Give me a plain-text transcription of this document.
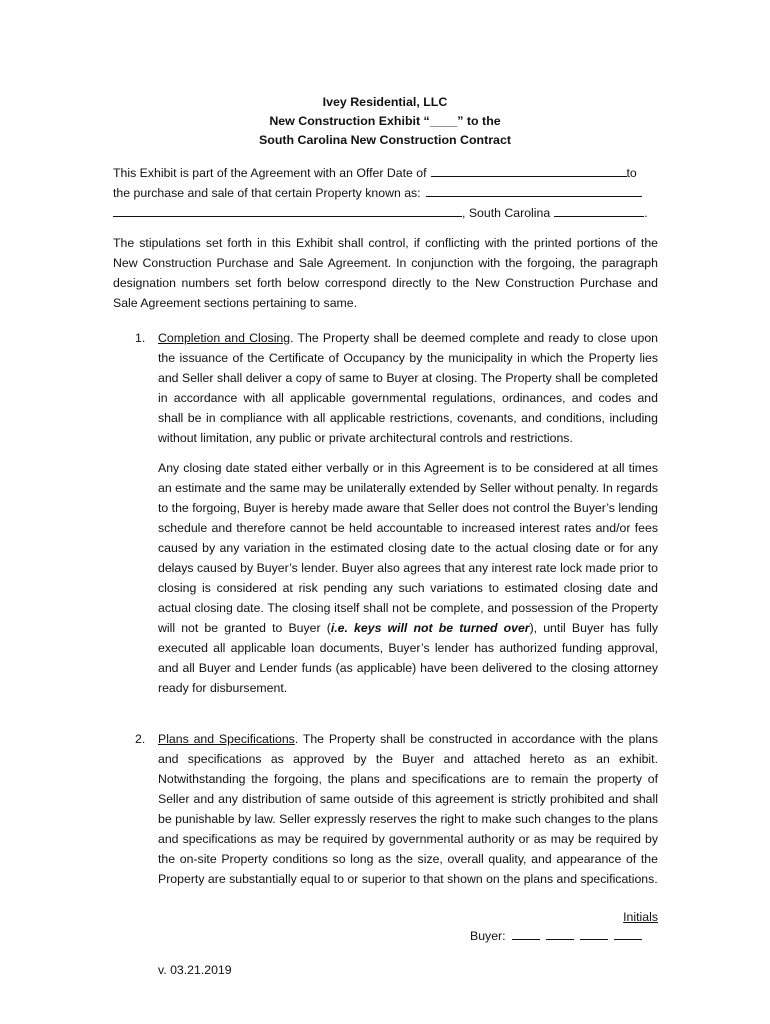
Ivey Residential, LLC
New Construction Exhibit “____” to the
South Carolina New Construction Contract
This Exhibit is part of the Agreement with an Offer Date of	to
the purchase and sale of that certain Property known as:
, South Carolina	.

The stipulations set forth in this Exhibit shall control, if conflicting with the printed portions of the New Construction Purchase and Sale Agreement. In conjunction with the forgoing, the paragraph designation numbers set forth below correspond directly to the New Construction Purchase and Sale Agreement sections pertaining to same.

1.	Completion and Closing. The Property shall be deemed complete and ready to close upon the issuance of the Certificate of Occupancy by the municipality in which the Property lies and Seller shall deliver a copy of same to Buyer at closing. The Property shall be completed in accordance with all applicable governmental regulations, ordinances, and codes and shall be in compliance with all applicable restrictions, covenants, and conditions, including without limitation, any public or private architectural controls and restrictions.

Any closing date stated either verbally or in this Agreement is to be considered at all times an estimate and the same may be unilaterally extended by Seller without penalty. In regards to the forgoing, Buyer is hereby made aware that Seller does not control the Buyer’s lending schedule and therefore cannot be held accountable to increased interest rates and/or fees caused by any variation in the estimated closing date to the actual closing date or for any delays caused by Buyer’s lender. Buyer also agrees that any interest rate lock made prior to closing is considered at risk pending any such variations to estimated closing date and actual closing date. The closing itself shall not be complete, and possession of the Property will not be granted to Buyer (i.e. keys will not be turned over), until Buyer has fully executed all applicable loan documents, Buyer’s lender has authorized funding approval, and all Buyer and Lender funds (as applicable) have been delivered to the closing attorney ready for disbursement.

2.	Plans and Specifications. The Property shall be constructed in accordance with the plans and specifications as approved by the Buyer and attached hereto as an exhibit. Notwithstanding the forgoing, the plans and specifications are to remain the property of Seller and any distribution of same outside of this agreement is strictly prohibited and shall be punishable by law. Seller expressly reserves the right to make such changes to the plans and specifications as may be required by governmental authority or as may be required by the on-site Property conditions so long as the size, overall quality, and appearance of the Property are substantially equal to or superior to that shown on the plans and specifications.

Initials
Buyer:
v. 03.21.2019
